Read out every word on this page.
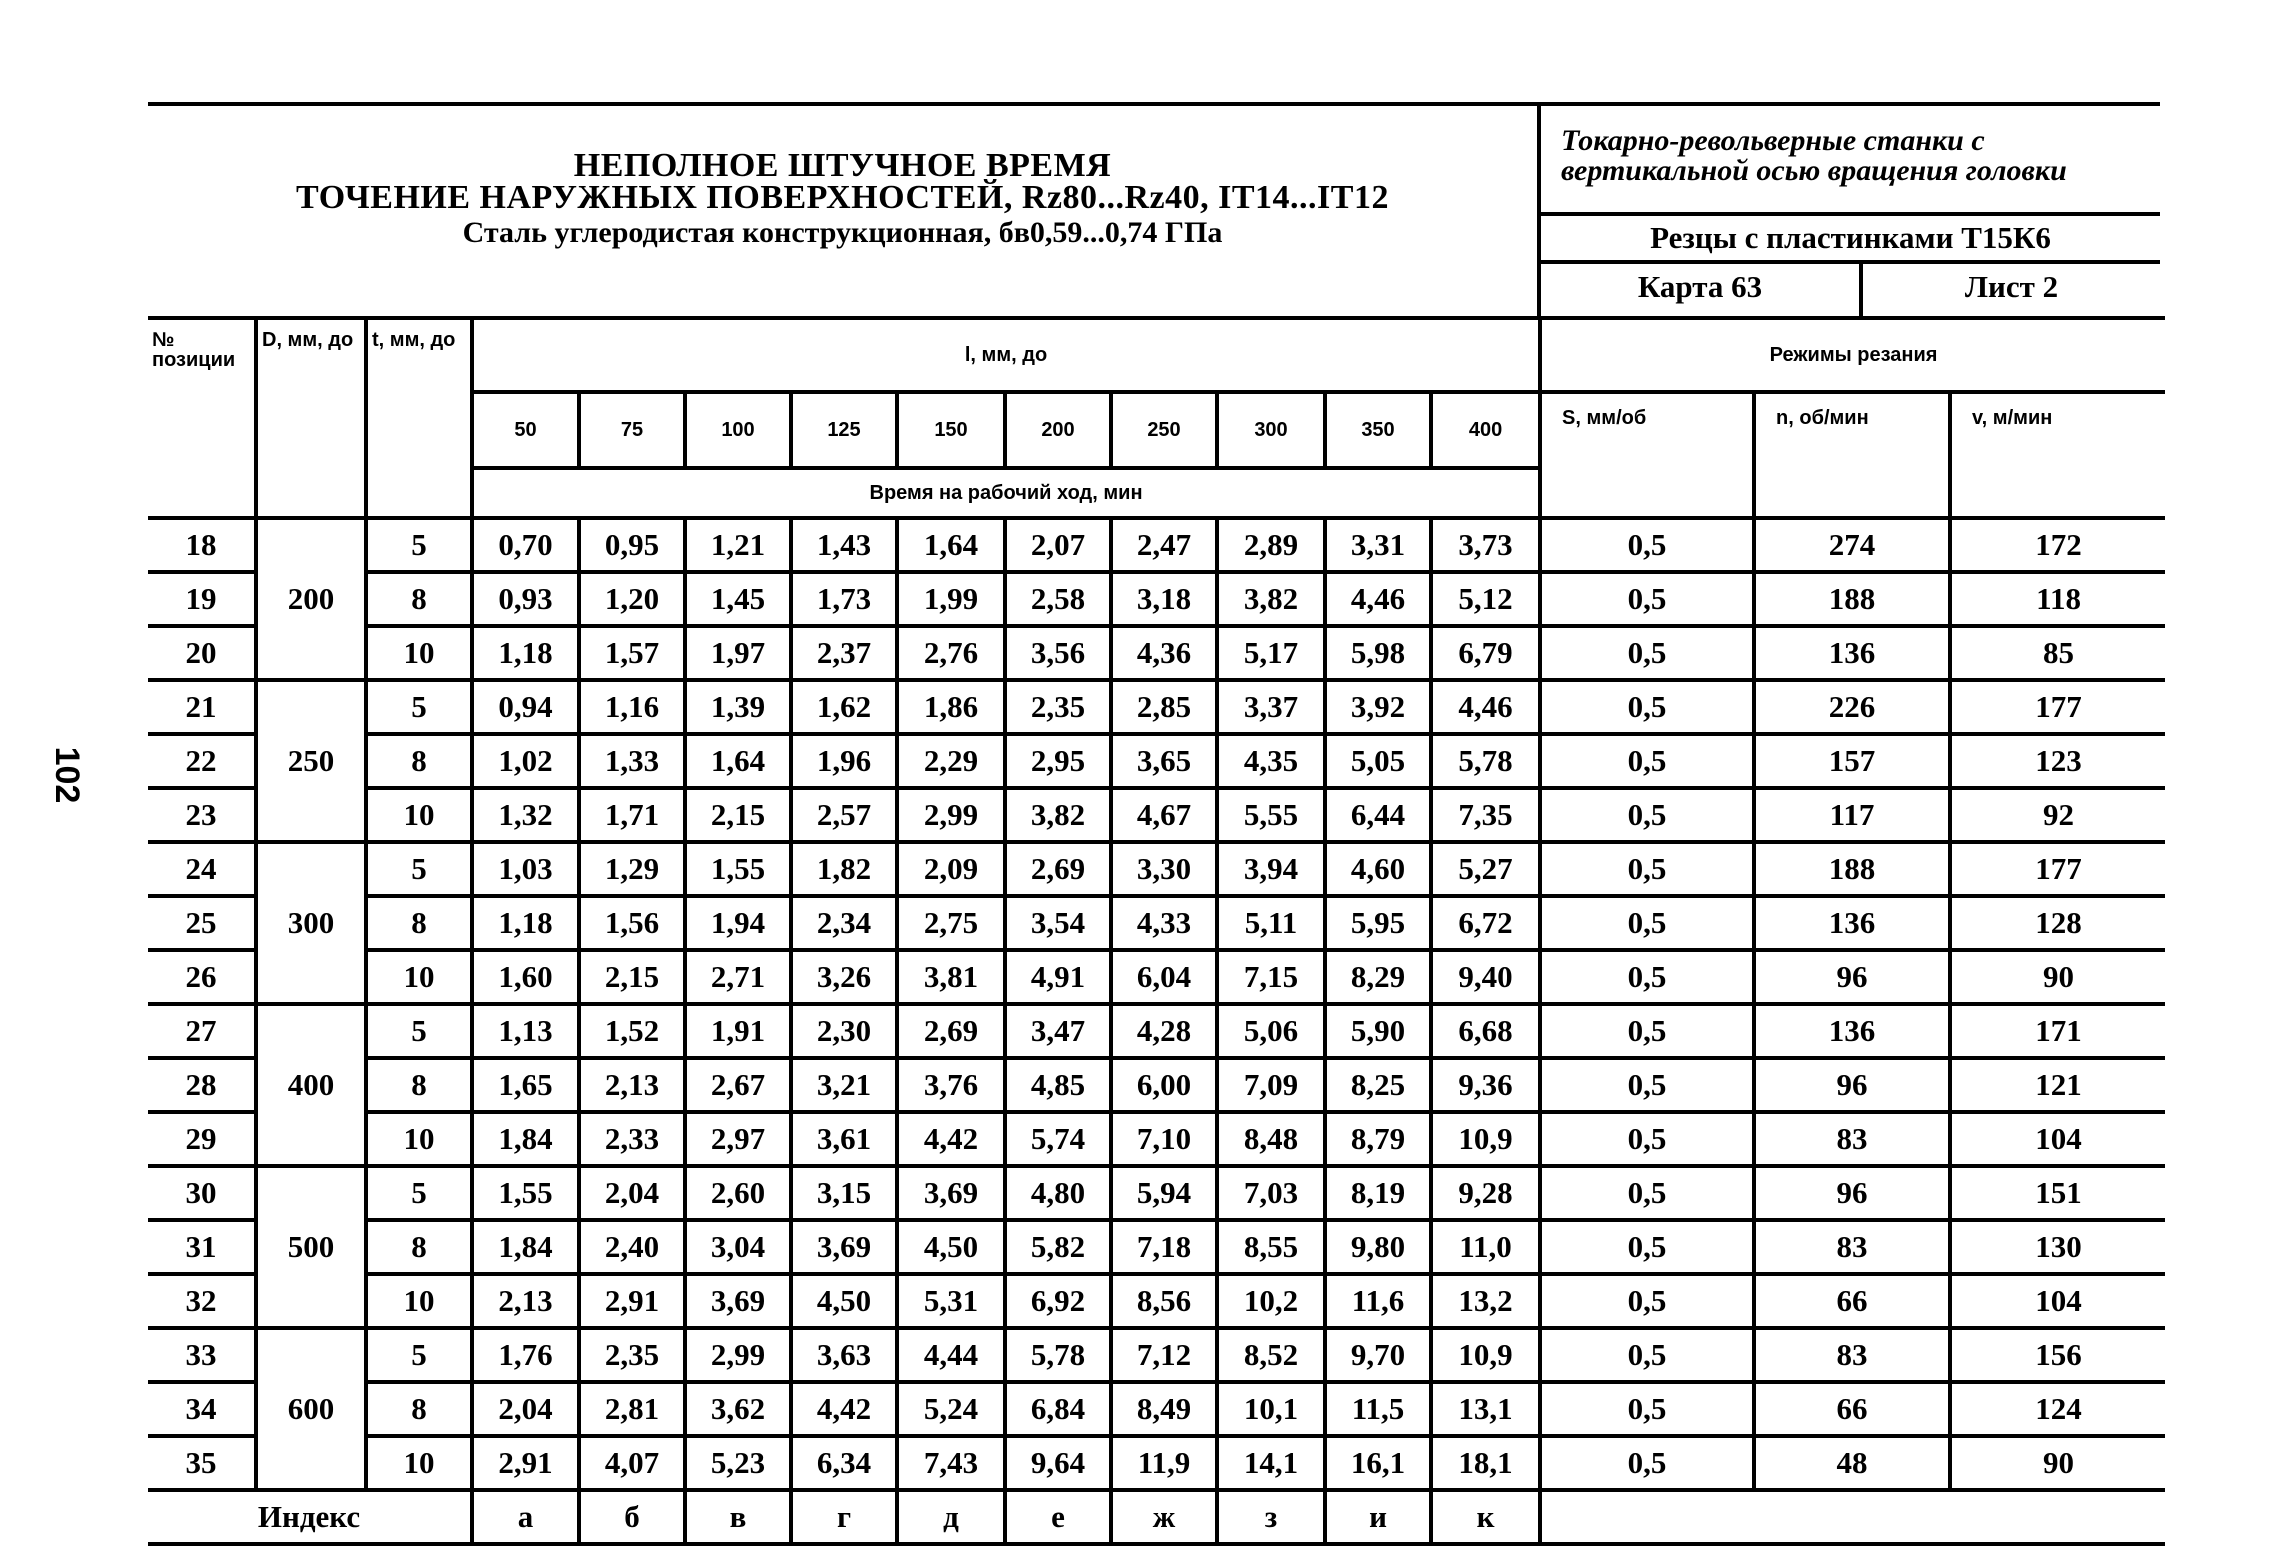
102
НЕПОЛНОЕ ШТУЧНОЕ ВРЕМЯ
ТОЧЕНИЕ НАРУЖНЫХ ПОВЕРХНОСТЕЙ, Rz80...Rz40, IT14...IT12
Сталь углеродистая конструкционная, бв0,59...0,74 ГПа
Токарно-револьверные станки с вертикальной осью вращения головки
Резцы с пластинками Т15К6
Карта 63	Лист 2
№ позиции	D, мм, до	t, мм, до	l, мм, до										Режимы резания		
			50	75	100	125	150	200	250	300	350	400	S, мм/об	n, об/мин	v, м/мин
			Время на рабочий ход, мин												
18	200	5	0,70	0,95	1,21	1,43	1,64	2,07	2,47	2,89	3,31	3,73	0,5	274	172
19		8	0,93	1,20	1,45	1,73	1,99	2,58	3,18	3,82	4,46	5,12	0,5	188	118
20		10	1,18	1,57	1,97	2,37	2,76	3,56	4,36	5,17	5,98	6,79	0,5	136	85
21	250	5	0,94	1,16	1,39	1,62	1,86	2,35	2,85	3,37	3,92	4,46	0,5	226	177
22		8	1,02	1,33	1,64	1,96	2,29	2,95	3,65	4,35	5,05	5,78	0,5	157	123
23		10	1,32	1,71	2,15	2,57	2,99	3,82	4,67	5,55	6,44	7,35	0,5	117	92
24	300	5	1,03	1,29	1,55	1,82	2,09	2,69	3,30	3,94	4,60	5,27	0,5	188	177
25		8	1,18	1,56	1,94	2,34	2,75	3,54	4,33	5,11	5,95	6,72	0,5	136	128
26		10	1,60	2,15	2,71	3,26	3,81	4,91	6,04	7,15	8,29	9,40	0,5	96	90
27	400	5	1,13	1,52	1,91	2,30	2,69	3,47	4,28	5,06	5,90	6,68	0,5	136	171
28		8	1,65	2,13	2,67	3,21	3,76	4,85	6,00	7,09	8,25	9,36	0,5	96	121
29		10	1,84	2,33	2,97	3,61	4,42	5,74	7,10	8,48	8,79	10,9	0,5	83	104
30	500	5	1,55	2,04	2,60	3,15	3,69	4,80	5,94	7,03	8,19	9,28	0,5	96	151
31		8	1,84	2,40	3,04	3,69	4,50	5,82	7,18	8,55	9,80	11,0	0,5	83	130
32		10	2,13	2,91	3,69	4,50	5,31	6,92	8,56	10,2	11,6	13,2	0,5	66	104
33	600	5	1,76	2,35	2,99	3,63	4,44	5,78	7,12	8,52	9,70	10,9	0,5	83	156
34		8	2,04	2,81	3,62	4,42	5,24	6,84	8,49	10,1	11,5	13,1	0,5	66	124
35		10	2,91	4,07	5,23	6,34	7,43	9,64	11,9	14,1	16,1	18,1	0,5	48	90
Индекс			а	б	в	г	д	е	ж	з	и	к			
